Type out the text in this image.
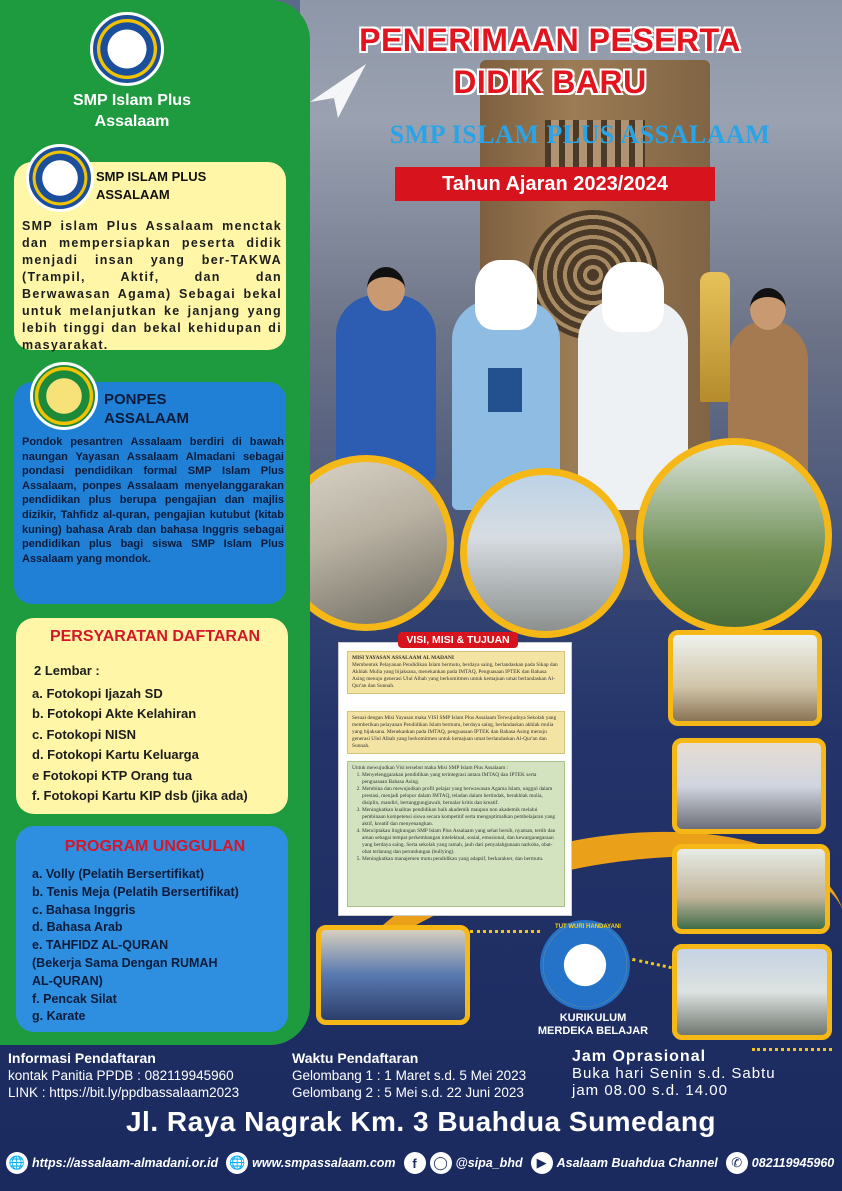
PENERIMAAN PESERTA
DIDIK BARU
SMP ISLAM PLUS ASSALAAM
Tahun Ajaran 2023/2024

MISI YAYASAN ASSALAAM AL MADANI

Membentuk Pelayanan Pendidikan Islam bermutu, berdaya saing, berlandaskan pada Sikap dan Akhlak Mulia yang bijaksana, menekankan pada IMTAQ, Penguasaan IPTEK dan Bahasa Asing menuju generasi Ulul Albab yang berkomitmen untuk kemajuan umat berlandaskan Al-Qur'an dan Sunnah.

Sesuai dengan Misi Yayasan maka VISI SMP Islam Plus Assalaam Terwujudnya Sekolah yang memberikan pelayanan Pendidikan Islam bermutu, berdaya saing, berlandaskan akhlak mulia yang bijaksana. Menekankan pada IMTAQ, penguasaan IPTEK dan Bahasa Asing menuju generasi Ulul Albab yang berkomitmen untuk kemajuan umat berlandaskan Al-Qur'an dan Sunnah.

Untuk mewujudkan Visi tersebut maka Misi SMP Islam Plus Assalaam :

1. Menyelenggarakan pendidikan yang terintegrasi antara IMTAQ dan IPTEK serta penguasaan Bahasa Asing.
2. Membina dan mewujudkan profil pelajar yang berwawasan Agama Islam, unggul dalam prestasi, menjadi pelopor dalam IMTAQ, teladan dalam bertindak, berakhlak mulia, disiplin, mandiri, bertanggungjawab, bernalar kritis dan kreatif.
3. Meningkatkan kualitas pendidikan baik akademik maupun non akademik melalui pembinaan kompetensi siswa secara kompetitif serta mengoptimalkan pembelajaran yang aktif, kreatif dan menyenangkan.
4. Menciptakan lingkungan SMP Islam Plus Assalaam yang sehat bersih, nyaman, tertib dan aman sebagai tempat perkembangan intelektual, sosial, emosional, dan kewarganegaraan yang berdaya saing. Serta sekolah yang ramah, jauh dari penyalahgunaan narkoba, obat-obat terlarang dan perundungan (bullying).
5. Meningkatkan manajemen mutu pendidikan yang adaptif, berkarakter, dan bermutu.
VISI, MISI & TUJUAN
TUT WURI HANDAYANI
KURIKULUM
MERDEKA BELAJAR
SMP Islam Plus
Assalaam
SMP ISLAM PLUS
ASSALAAM
SMP islam Plus Assalaam menctak dan mempersiapkan peserta didik menjadi insan yang ber-TAKWA (Trampil, Aktif, dan dan Berwawasan Agama) Sebagai bekal untuk melanjutkan ke janjang yang lebih tinggi dan bekal kehidupan di masyarakat.
PONPES
ASSALAAM
Pondok pesantren Assalaam berdiri di bawah naungan Yayasan Assalaam Almadani sebagai pondasi pendidikan formal SMP Islam Plus Assalaam, ponpes Assalaam menyelanggarakan pendidikan plus berupa pengajian dan majlis dizikir, Tahfidz al-quran, pengajian kutubut (kitab kuning) bahasa Arab dan bahasa Inggris sebagai pendidikan plus bagi siswa SMP Islam Plus Assalaam yang mondok.
PERSYARATAN DAFTARAN
2 Lembar :
a. Fotokopi Ijazah SD
b. Fotokopi Akte Kelahiran
c. Fotokopi NISN
d. Fotokopi Kartu Keluarga
e Fotokopi KTP Orang tua
f. Fotokopi Kartu KIP dsb (jika ada)
PROGRAM UNGGULAN
a. Volly (Pelatih Bersertifikat)
b. Tenis Meja (Pelatih Bersertifikat)
c. Bahasa Inggris
d. Bahasa Arab
e. TAHFIDZ AL-QURAN
(Bekerja Sama Dengan RUMAH
AL-QURAN)
f. Pencak Silat
g. Karate
Informasi Pendaftaran
kontak Panitia PPDB : 082119945960
LINK : https://bit.ly/ppdbassalaam2023
Waktu Pendaftaran
Gelombang 1 : 1 Maret s.d. 5 Mei 2023
Gelombang 2 : 5 Mei s.d. 22 Juni 2023
Jam Oprasional
Buka hari Senin s.d. Sabtu
jam 08.00 s.d. 14.00
Jl. Raya Nagrak Km. 3 Buahdua Sumedang
🌐 https://assalaam-almadani.or.id 🌐 www.smpassalaam.com	f	◯ @sipa_bhd	▶ Asalaam Buahdua Channel	✆ 082119945960
